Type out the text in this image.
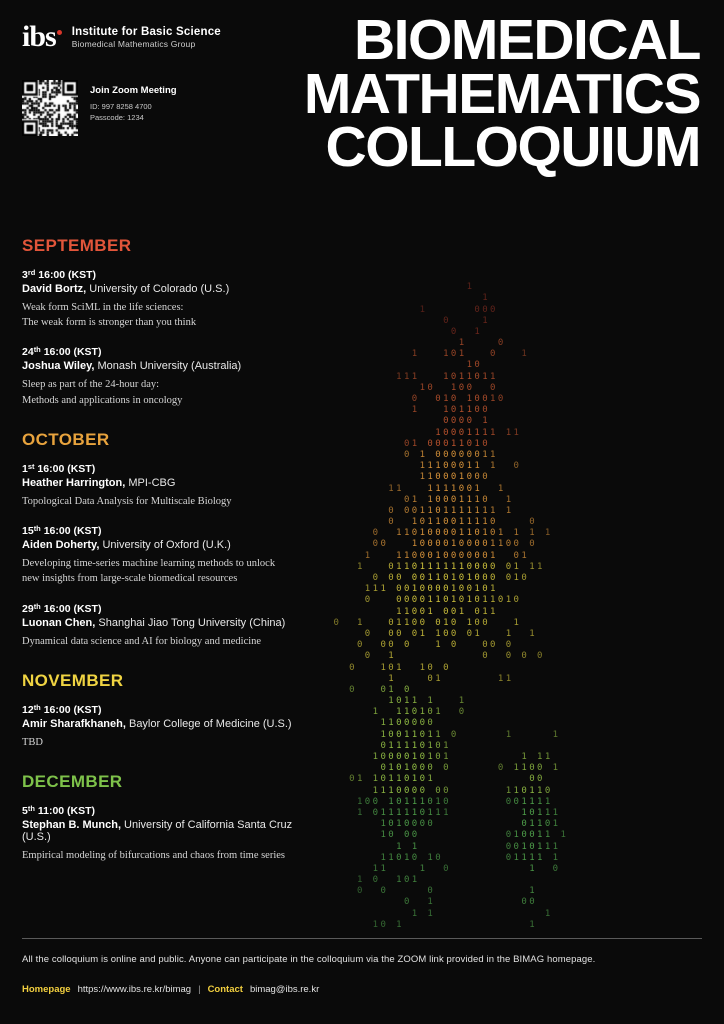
1
1
1	000
0	1
0 1
1	0
1	101	0	1
10
111	1011011
10 100 0
0 010 10010
1	101100
0000 1
10001111 11
01 00011010
0 1 00000011
11100011 1 0
110001000
11	1111001 1
01 10001110 1
0 001101111111 1
0 10110011110	0
0 11010000110101 1 1 1
00	10000100001100 0
1	1100010000001 01
1	01101111110000 01 11
0 00 00110101000 010
111 0010000100101
0	0000110101011010
11001 001 011
0 1	01100 010 100	1
0 00 01 100 01	1 1
0 00 0	1 0	00 0
0 1	0 0 0 0
0	101 10 0
1	01	11
0	01 0
1011 1	1
1 110101 0
1100000
10011011 0	1	1
011110101
1000010101	1 11
0101000 0	0 1100 1
01 10110101	00
1110000 00	110110
100 10111010	001111
1 0111110111	10111
1010000	01101
10 00	010011 1
1 1	0010111
11010 10	01111 1
11	1 0	1 0
1 0 101
0 0	0	1
0 1	00
1 1	1
10 1	1
ibs	Institute for Basic Science
Biomedical Mathematics Group
Join Zoom Meeting
ID: 997 8258 4700
Passcode: 1234
BIOMEDICAL
MATHEMATICS
COLLOQUIUM
SEPTEMBER
3rd 16:00 (KST)
David Bortz, University of Colorado (U.S.)
Weak form SciML in the life sciences:
The weak form is stronger than you think
24th 16:00 (KST)
Joshua Wiley, Monash University (Australia)
Sleep as part of the 24-hour day:
Methods and applications in oncology
OCTOBER
1st 16:00 (KST)
Heather Harrington, MPI-CBG
Topological Data Analysis for Multiscale Biology
15th 16:00 (KST)
Aiden Doherty, University of Oxford (U.K.)
Developing time-series machine learning methods to unlock
new insights from large-scale biomedical resources
29th 16:00 (KST)
Luonan Chen, Shanghai Jiao Tong University (China)
Dynamical data science and AI for biology and medicine
NOVEMBER
12th 16:00 (KST)
Amir Sharafkhaneh, Baylor College of Medicine (U.S.)
TBD
DECEMBER
5th 11:00 (KST)
Stephan B. Munch, University of California Santa Cruz (U.S.)
Empirical modeling of bifurcations and chaos from time series
All the colloquium is online and public. Anyone can participate in the colloquium via the ZOOM link provided in the BIMAG homepage.
Homepage https://www.ibs.re.kr/bimag | Contact bimag@ibs.re.kr
